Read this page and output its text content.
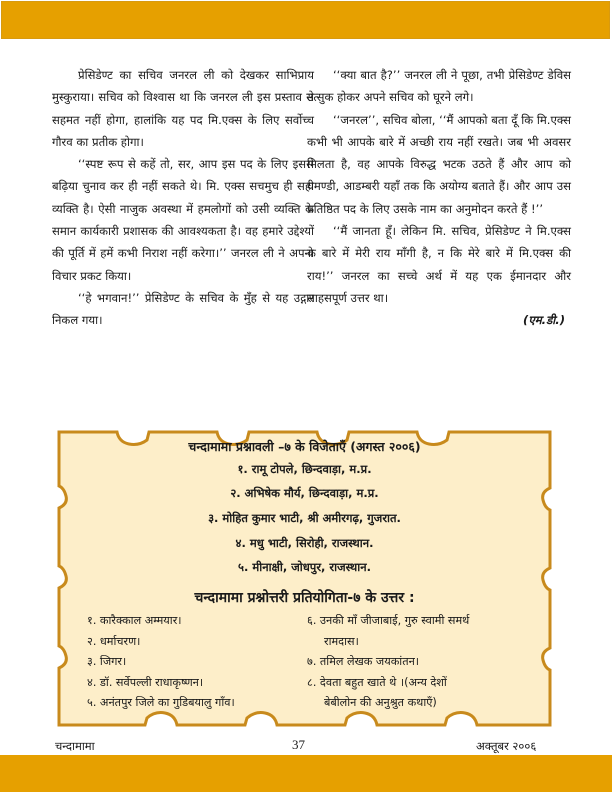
प्रेसिडेण्ट का सचिव जनरल ली को देखकर साभिप्राय मुस्कुराया। सचिव को विश्वास था कि जनरल ली इस प्रस्ताव से सहमत नहीं होगा, हालांकि यह पद मि.एक्स के लिए सर्वोच्च गौरव का प्रतीक होगा।

‘‘स्पष्ट रूप से कहें तो, सर, आप इस पद के लिए इससे बढ़िया चुनाव कर ही नहीं सकते थे। मि. एक्स सचमुच ही सही व्यक्ति है। ऐसी नाजुक अवस्था में हमलोगों को उसी व्यक्ति के समान कार्यकारी प्रशासक की आवश्यकता है। वह हमारे उद्देश्यों की पूर्ति में हमें कभी निराश नहीं करेगा।’’ जनरल ली ने अपना विचार प्रकट किया।

‘‘हे भगवान!’’ प्रेसिडेण्ट के सचिव के मुँह से यह उद्गार निकल गया।

‘‘क्या बात है?’’ जनरल ली ने पूछा, तभी प्रेसिडेण्ट डेविस उत्सुक होकर अपने सचिव को घूरने लगे।

‘‘जनरल’’, सचिव बोला, ‘‘मैं आपको बता दूँ कि मि.एक्स कभी भी आपके बारे में अच्छी राय नहीं रखते। जब भी अवसर मिलता है, वह आपके विरुद्ध भटक उठते हैं और आप को घमण्डी, आडम्बरी यहाँ तक कि अयोग्य बताते हैं। और आप उस प्रतिष्ठित पद के लिए उसके नाम का अनुमोदन करते हैं !’’

‘‘मैं जानता हूँ। लेकिन मि. सचिव, प्रेसिडेण्ट ने मि.एक्स के बारे में मेरी राय माँगी है, न कि मेरे बारे में मि.एक्स की राय!’’ जनरल का सच्चे अर्थ में यह एक ईमानदार और साहसपूर्ण उत्तर था।

(एम.डी.)

चन्दामामा प्रश्नावली –७ के विजेताएँ (अगस्त २००६)
१. रामू टोपले, छिन्दवाड़ा, म.प्र.
२. अभिषेक मौर्य, छिन्दवाड़ा, म.प्र.
३. मोहित कुमार भाटी, श्री अमीरगढ़, गुजरात.
४. मधु भाटी, सिरोही, राजस्थान.
५. मीनाक्षी, जोधपुर, राजस्थान.
चन्दामामा प्रश्नोत्तरी प्रतियोगिता-७ के उत्तर :
१. कारैक्काल अम्मयार।
२. धर्माचरण।
३. जिगर।
४. डॉ. सर्वेपल्ली राधाकृष्णन।
५. अनंतपुर जिले का गुडिबयालु गाँव।
६. उनकी माँ जीजाबाई, गुरु स्वामी समर्थ
रामदास।
७. तमिल लेखक जयकांतन।
८. देवता बहुत खाते थे ।(अन्य देशों
बेबीलोन की अनुश्रुत कथाएँ)
चन्दामामा	37	अक्तूबर २००६
